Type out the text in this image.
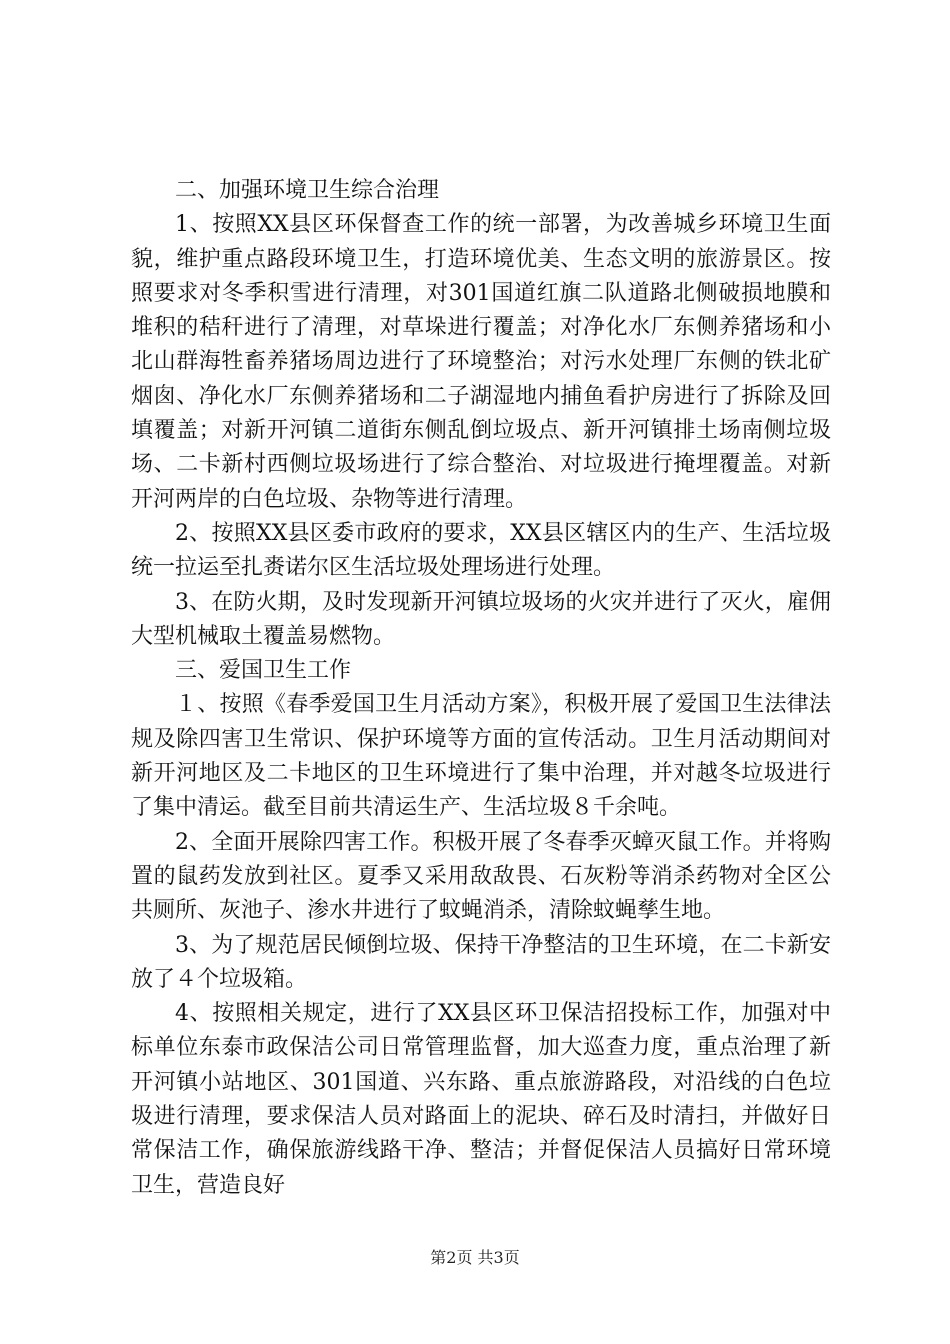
二、加强环境卫生综合治理

1、按照XX县区环保督查工作的统一部署，为改善城乡环境卫生面貌，维护重点路段环境卫生，打造环境优美、生态文明的旅游景区。按照要求对冬季积雪进行清理，对301国道红旗二队道路北侧破损地膜和堆积的秸秆进行了清理，对草垛进行覆盖；对净化水厂东侧养猪场和小北山群海牲畜养猪场周边进行了环境整治；对污水处理厂东侧的铁北矿烟囱、净化水厂东侧养猪场和二子湖湿地内捕鱼看护房进行了拆除及回填覆盖；对新开河镇二道街东侧乱倒垃圾点、新开河镇排土场南侧垃圾场、二卡新村西侧垃圾场进行了综合整治、对垃圾进行掩埋覆盖。对新开河两岸的白色垃圾、杂物等进行清理。

2、按照XX县区委市政府的要求，XX县区辖区内的生产、生活垃圾统一拉运至扎赉诺尔区生活垃圾处理场进行处理。

3、在防火期，及时发现新开河镇垃圾场的火灾并进行了灭火，雇佣大型机械取土覆盖易燃物。

三、爱国卫生工作

１、按照《春季爱国卫生月活动方案》，积极开展了爱国卫生法律法规及除四害卫生常识、保护环境等方面的宣传活动。卫生月活动期间对新开河地区及二卡地区的卫生环境进行了集中治理，并对越冬垃圾进行了集中清运。截至目前共清运生产、生活垃圾８千余吨。

2、全面开展除四害工作。积极开展了冬春季灭蟑灭鼠工作。并将购置的鼠药发放到社区。夏季又采用敌敌畏、石灰粉等消杀药物对全区公共厕所、灰池子、渗水井进行了蚊蝇消杀，清除蚊蝇孳生地。

3、为了规范居民倾倒垃圾、保持干净整洁的卫生环境，在二卡新安放了４个垃圾箱。

4、按照相关规定，进行了XX县区环卫保洁招投标工作，加强对中标单位东泰市政保洁公司日常管理监督，加大巡查力度，重点治理了新开河镇小站地区、301国道、兴东路、重点旅游路段，对沿线的白色垃圾进行清理，要求保洁人员对路面上的泥块、碎石及时清扫，并做好日常保洁工作，确保旅游线路干净、整洁；并督促保洁人员搞好日常环境卫生，营造良好

第2页 共3页
